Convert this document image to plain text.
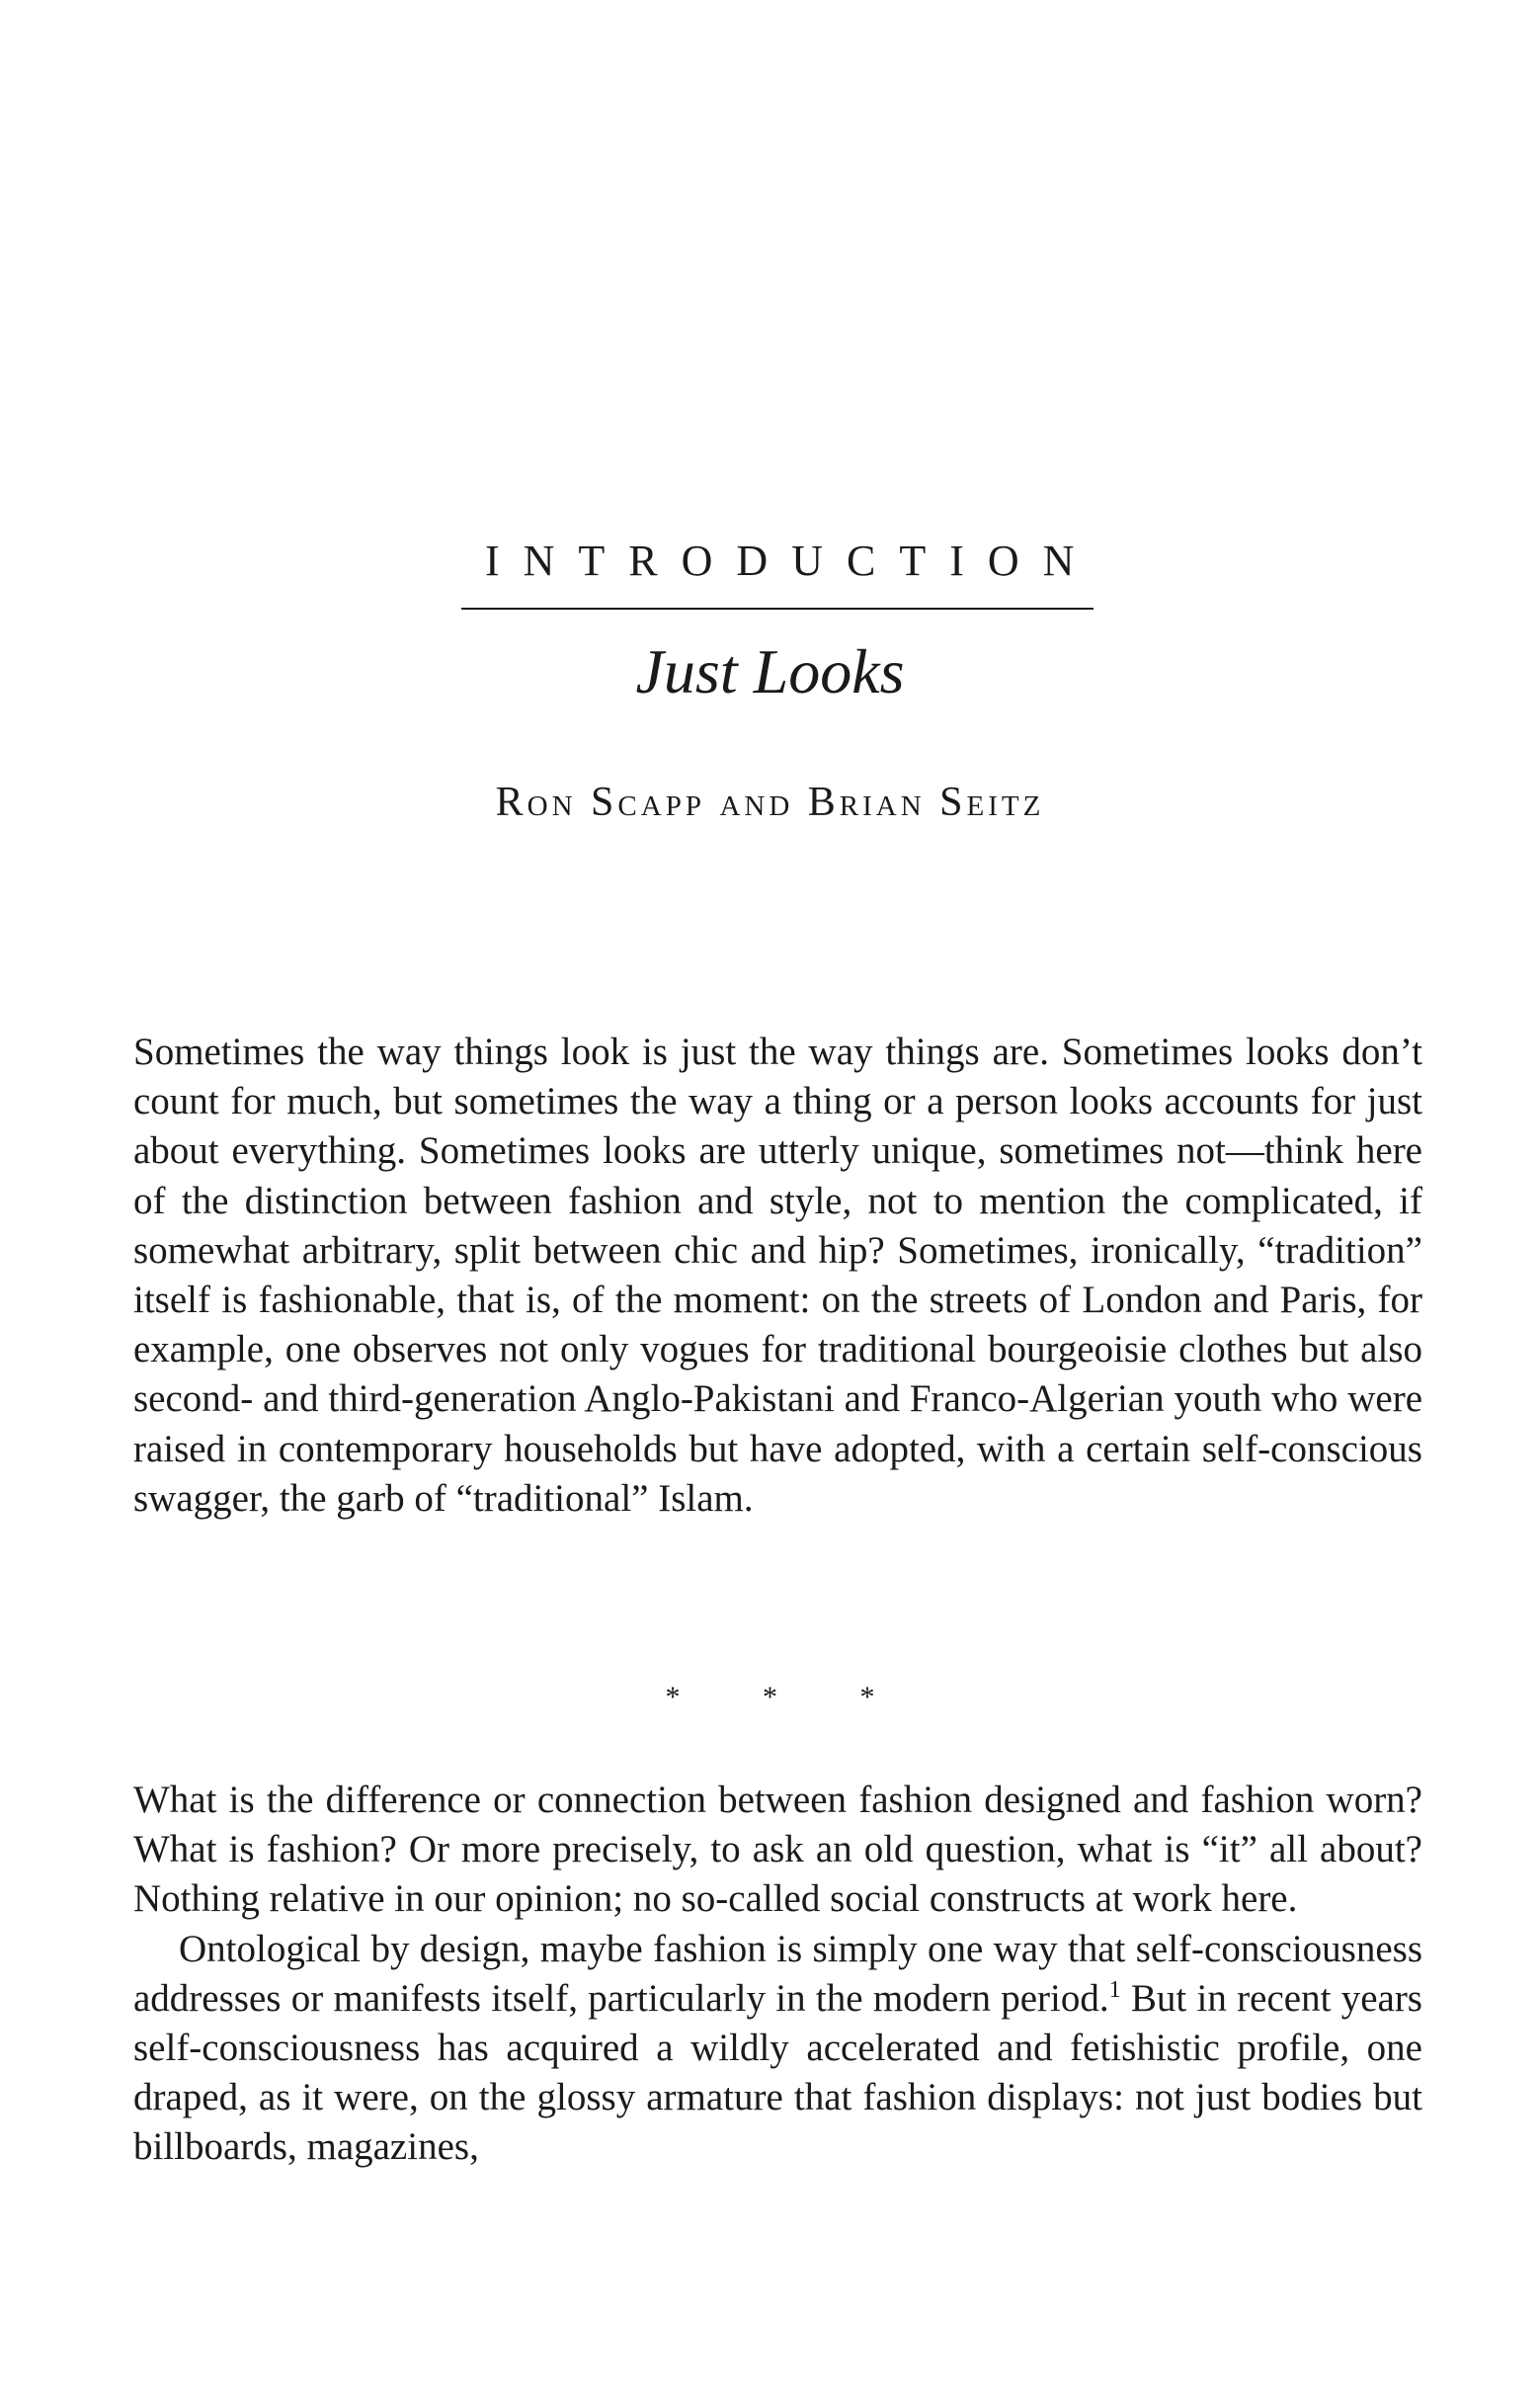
INTRODUCTION
Just Looks
Ron Scapp and Brian Seitz

Sometimes the way things look is just the way things are. Sometimes looks don’t count for much, but sometimes the way a thing or a person looks accounts for just about everything. Sometimes looks are utterly unique, sometimes not—think here of the distinction between fashion and style, not to mention the complicated, if somewhat arbitrary, split between chic and hip? Sometimes, ironically, “tradition” itself is fashionable, that is, of the moment: on the streets of London and Paris, for example, one observes not only vogues for traditional bourgeoisie clothes but also second- and third-generation Anglo-Pakistani and Franco-Algerian youth who were raised in contemporary households but have adopted, with a certain self-conscious swagger, the garb of “traditional” Islam.

* * *

What is the difference or connection between fashion designed and fashion worn? What is fashion? Or more precisely, to ask an old question, what is “it” all about? Nothing relative in our opinion; no so-called social constructs at work here.

Ontological by design, maybe fashion is simply one way that self-consciousness addresses or manifests itself, particularly in the modern period.$^1$ But in recent years self-consciousness has acquired a wildly accelerated and fetishistic profile, one draped, as it were, on the glossy armature that fashion displays: not just bodies but billboards, magazines,
